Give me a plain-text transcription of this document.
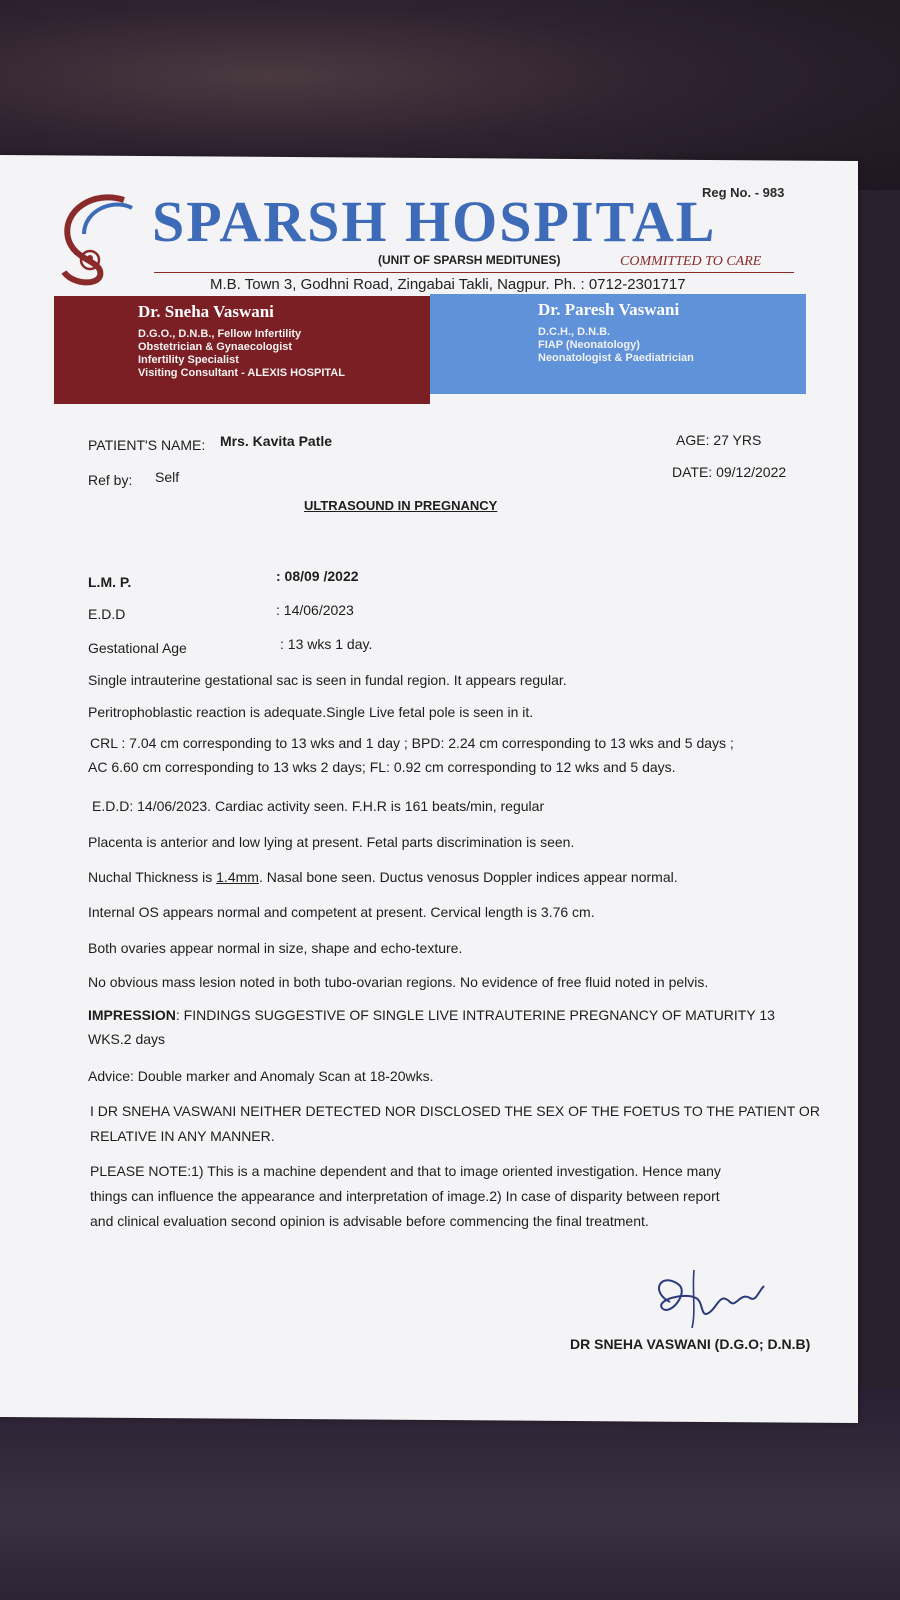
Reg No. - 983
SPARSH HOSPITAL
(UNIT OF SPARSH MEDITUNES)	COMMITTED TO CARE
M.B. Town 3, Godhni Road, Zingabai Takli, Nagpur. Ph. : 0712-2301717
Dr. Sneha Vaswani
D.G.O., D.N.B., Fellow Infertility
Obstetrician & Gynaecologist
Infertility Specialist
Visiting Consultant - ALEXIS HOSPITAL
Dr. Paresh Vaswani
D.C.H., D.N.B.
FIAP (Neonatology)
Neonatologist & Paediatrician
PATIENT'S NAME: Mrs. Kavita Patle	AGE: 27 YRS
Ref by: Self	DATE: 09/12/2022
ULTRASOUND IN PREGNANCY
L.M. P.	: 08/09 /2022
E.D.D	: 14/06/2023
Gestational Age	: 13 wks 1 day.
Single intrauterine gestational sac is seen in fundal region. It appears regular.
Peritrophoblastic reaction is adequate.Single Live fetal pole is seen in it.
CRL : 7.04 cm corresponding to 13 wks and 1 day ; BPD: 2.24 cm corresponding to 13 wks and 5 days ;
AC 6.60 cm corresponding to 13 wks 2 days; FL: 0.92 cm corresponding to 12 wks and 5 days.
E.D.D: 14/06/2023. Cardiac activity seen. F.H.R is 161 beats/min, regular
Placenta is anterior and low lying at present. Fetal parts discrimination is seen.
Nuchal Thickness is 1.4mm. Nasal bone seen. Ductus venosus Doppler indices appear normal.
Internal OS appears normal and competent at present. Cervical length is 3.76 cm.
Both ovaries appear normal in size, shape and echo-texture.
No obvious mass lesion noted in both tubo-ovarian regions. No evidence of free fluid noted in pelvis.
IMPRESSION: FINDINGS SUGGESTIVE OF SINGLE LIVE INTRAUTERINE PREGNANCY OF MATURITY 13
WKS.2 days
Advice: Double marker and Anomaly Scan at 18-20wks.
I DR SNEHA VASWANI NEITHER DETECTED NOR DISCLOSED THE SEX OF THE FOETUS TO THE PATIENT OR
RELATIVE IN ANY MANNER.
PLEASE NOTE:1) This is a machine dependent and that to image oriented investigation. Hence many
things can influence the appearance and interpretation of image.2) In case of disparity between report
and clinical evaluation second opinion is advisable before commencing the final treatment.
DR SNEHA VASWANI (D.G.O; D.N.B)
